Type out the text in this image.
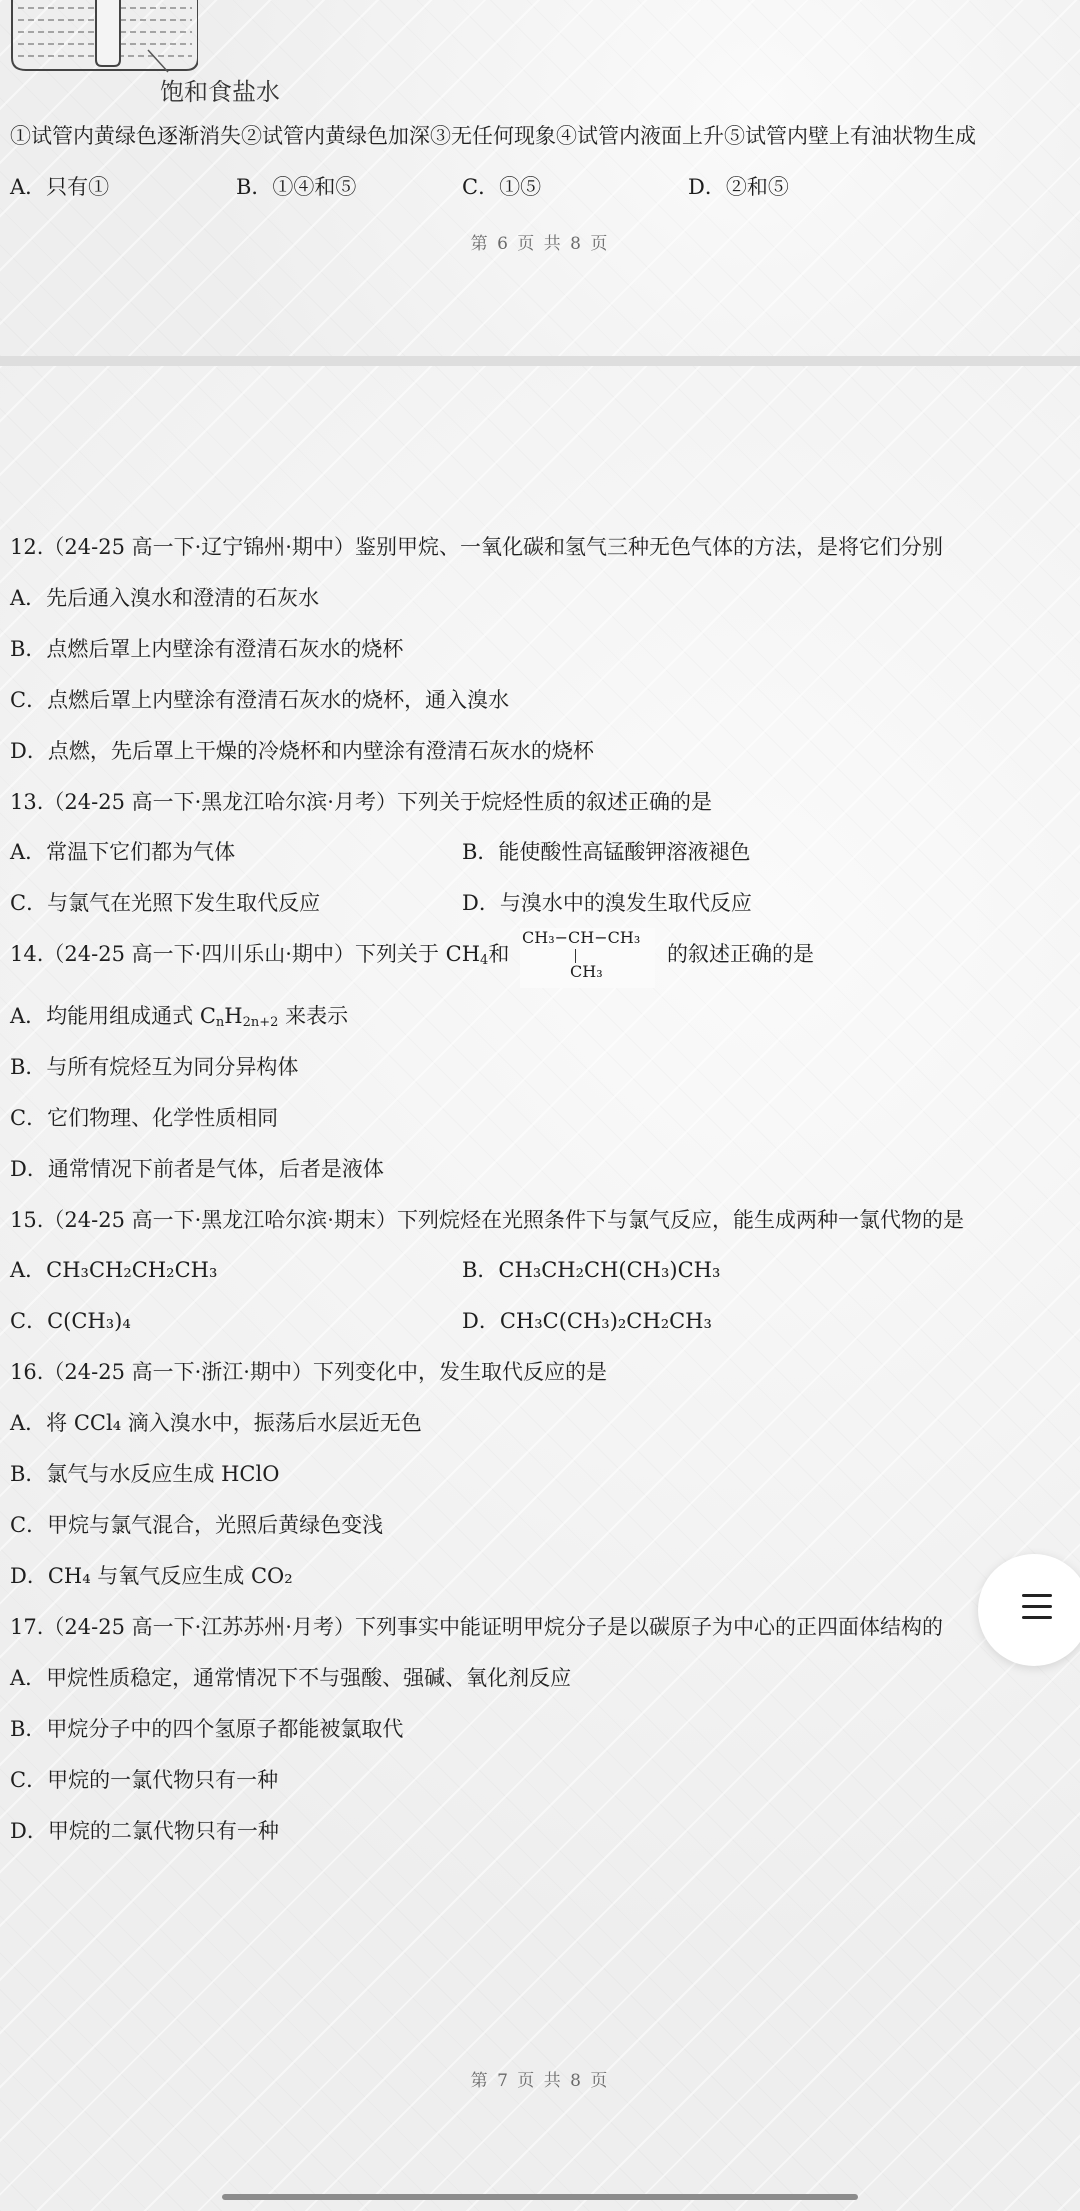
饱和食盐水
①试管内黄绿色逐渐消失②试管内黄绿色加深③无任何现象④试管内液面上升⑤试管内壁上有油状物生成
A．只有①	B．①④和⑤	C．①⑤	D．②和⑤
第 6 页 共 8 页
12.（24-25 高一下·辽宁锦州·期中）鉴别甲烷、一氧化碳和氢气三种无色气体的方法，是将它们分别
A．先后通入溴水和澄清的石灰水
B．点燃后罩上内壁涂有澄清石灰水的烧杯
C．点燃后罩上内壁涂有澄清石灰水的烧杯，通入溴水
D．点燃，先后罩上干燥的冷烧杯和内壁涂有澄清石灰水的烧杯
13.（24-25 高一下·黑龙江哈尔滨·月考）下列关于烷烃性质的叙述正确的是
A．常温下它们都为气体	B．能使酸性高锰酸钾溶液褪色
C．与氯气在光照下发生取代反应	D．与溴水中的溴发生取代反应
14.（24-25 高一下·四川乐山·期中）下列关于 $CH_4$和
CH₃−CH−CH₃
CH₃
的叙述正确的是
A．均能用组成通式 $C_nH_{2n+2}$ 来表示
B．与所有烷烃互为同分异构体
C．它们物理、化学性质相同
D．通常情况下前者是气体，后者是液体
15.（24-25 高一下·黑龙江哈尔滨·期末）下列烷烃在光照条件下与氯气反应，能生成两种一氯代物的是
A．CH₃CH₂CH₂CH₃	B．CH₃CH₂CH(CH₃)CH₃
C．C(CH₃)₄	D．CH₃C(CH₃)₂CH₂CH₃
16.（24-25 高一下·浙江·期中）下列变化中，发生取代反应的是
A．将 CCl₄ 滴入溴水中，振荡后水层近无色
B．氯气与水反应生成 HClO
C．甲烷与氯气混合，光照后黄绿色变浅
D．CH₄ 与氧气反应生成 CO₂
17.（24-25 高一下·江苏苏州·月考）下列事实中能证明甲烷分子是以碳原子为中心的正四面体结构的
A．甲烷性质稳定，通常情况下不与强酸、强碱、氧化剂反应
B．甲烷分子中的四个氢原子都能被氯取代
C．甲烷的一氯代物只有一种
D．甲烷的二氯代物只有一种
第 7 页 共 8 页
